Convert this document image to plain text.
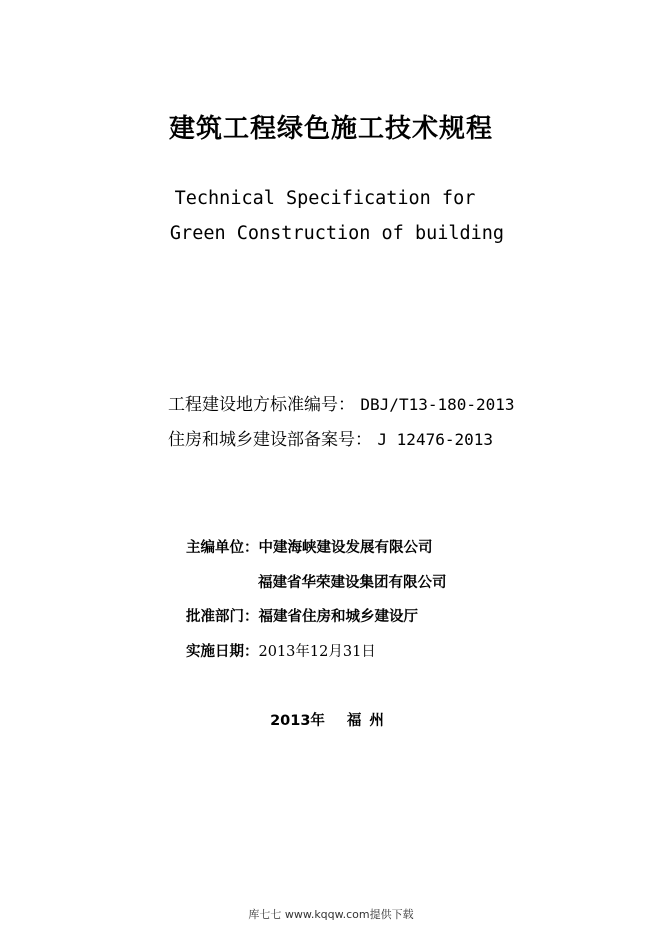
建筑工程绿色施工技术规程
Technical Specification for
Green Construction of building
工程建设地方标准编号： DBJ/T13-180-2013
住房和城乡建设部备案号： J 12476-2013
主编单位：中建海峡建设发展有限公司
福建省华荣建设集团有限公司
批准部门：福建省住房和城乡建设厅
实施日期：2013年12月31日
2013年 福州
库七七 www.kqqw.com提供下载
